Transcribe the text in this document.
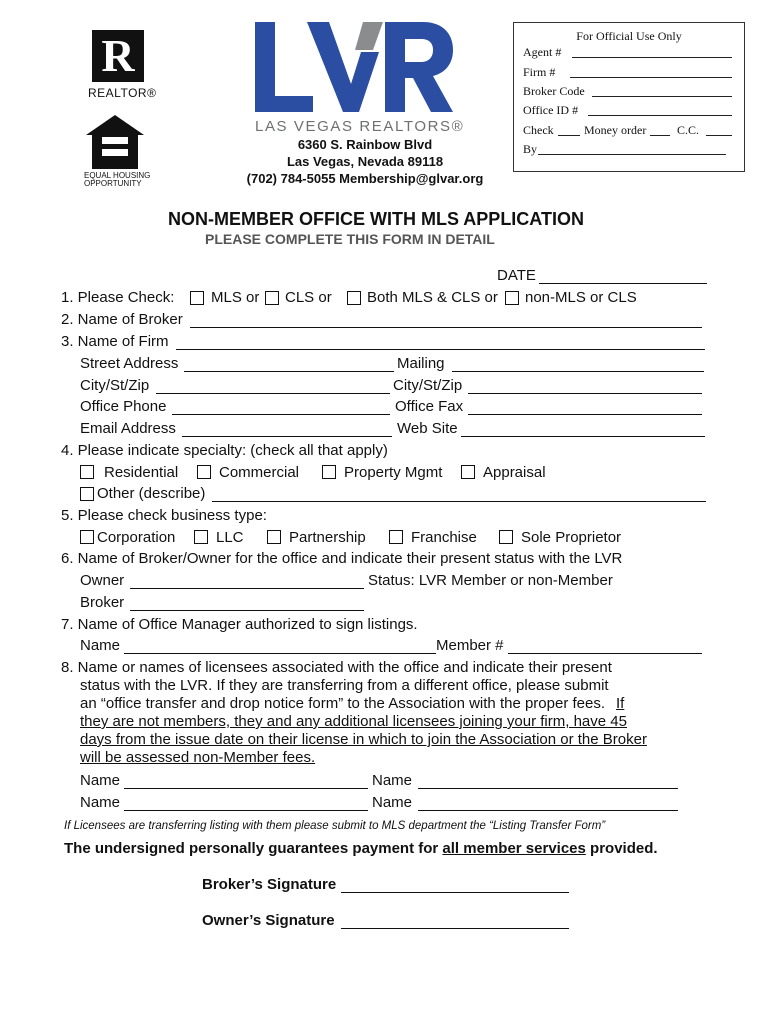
R
REALTOR®
EQUAL HOUSING
OPPORTUNITY
LAS VEGAS REALTORS®
6360 S. Rainbow Blvd
Las Vegas, Nevada 89118
(702) 784-5055 Membership@glvar.org
For Official Use Only
Agent #
Firm #
Broker Code
Office ID #
Check	Money order	C.C.
By
NON-MEMBER OFFICE WITH MLS APPLICATION
PLEASE COMPLETE THIS FORM IN DETAIL
DATE
1. Please Check: MLS or CLS or Both MLS & CLS or non-MLS or CLS
2. Name of Broker
3. Name of Firm
Street Address	Mailing
City/St/Zip	City/St/Zip
Office Phone	Office Fax
Email Address	Web Site
4. Please indicate specialty: (check all that apply)
Residential	Commercial	Property Mgmt	Appraisal
Other (describe)
5. Please check business type:
Corporation	LLC	Partnership	Franchise	Sole Proprietor
6. Name of Broker/Owner for the office and indicate their present status with the LVR
Owner	Status: LVR Member or non-Member
Broker
7. Name of Office Manager authorized to sign listings.
Name	Member #
8. Name or names of licensees associated with the office and indicate their present
status with the LVR. If they are transferring from a different office, please submit
an “office transfer and drop notice form” to the Association with the proper fees. If
they are not members, they and any additional licensees joining your firm, have 45
days from the issue date on their license in which to join the Association or the Broker
will be assessed non-Member fees.
Name	Name
Name	Name
If Licensees are transferring listing with them please submit to MLS department the “Listing Transfer Form”
The undersigned personally guarantees payment for all member services provided.
Broker’s Signature
Owner’s Signature
